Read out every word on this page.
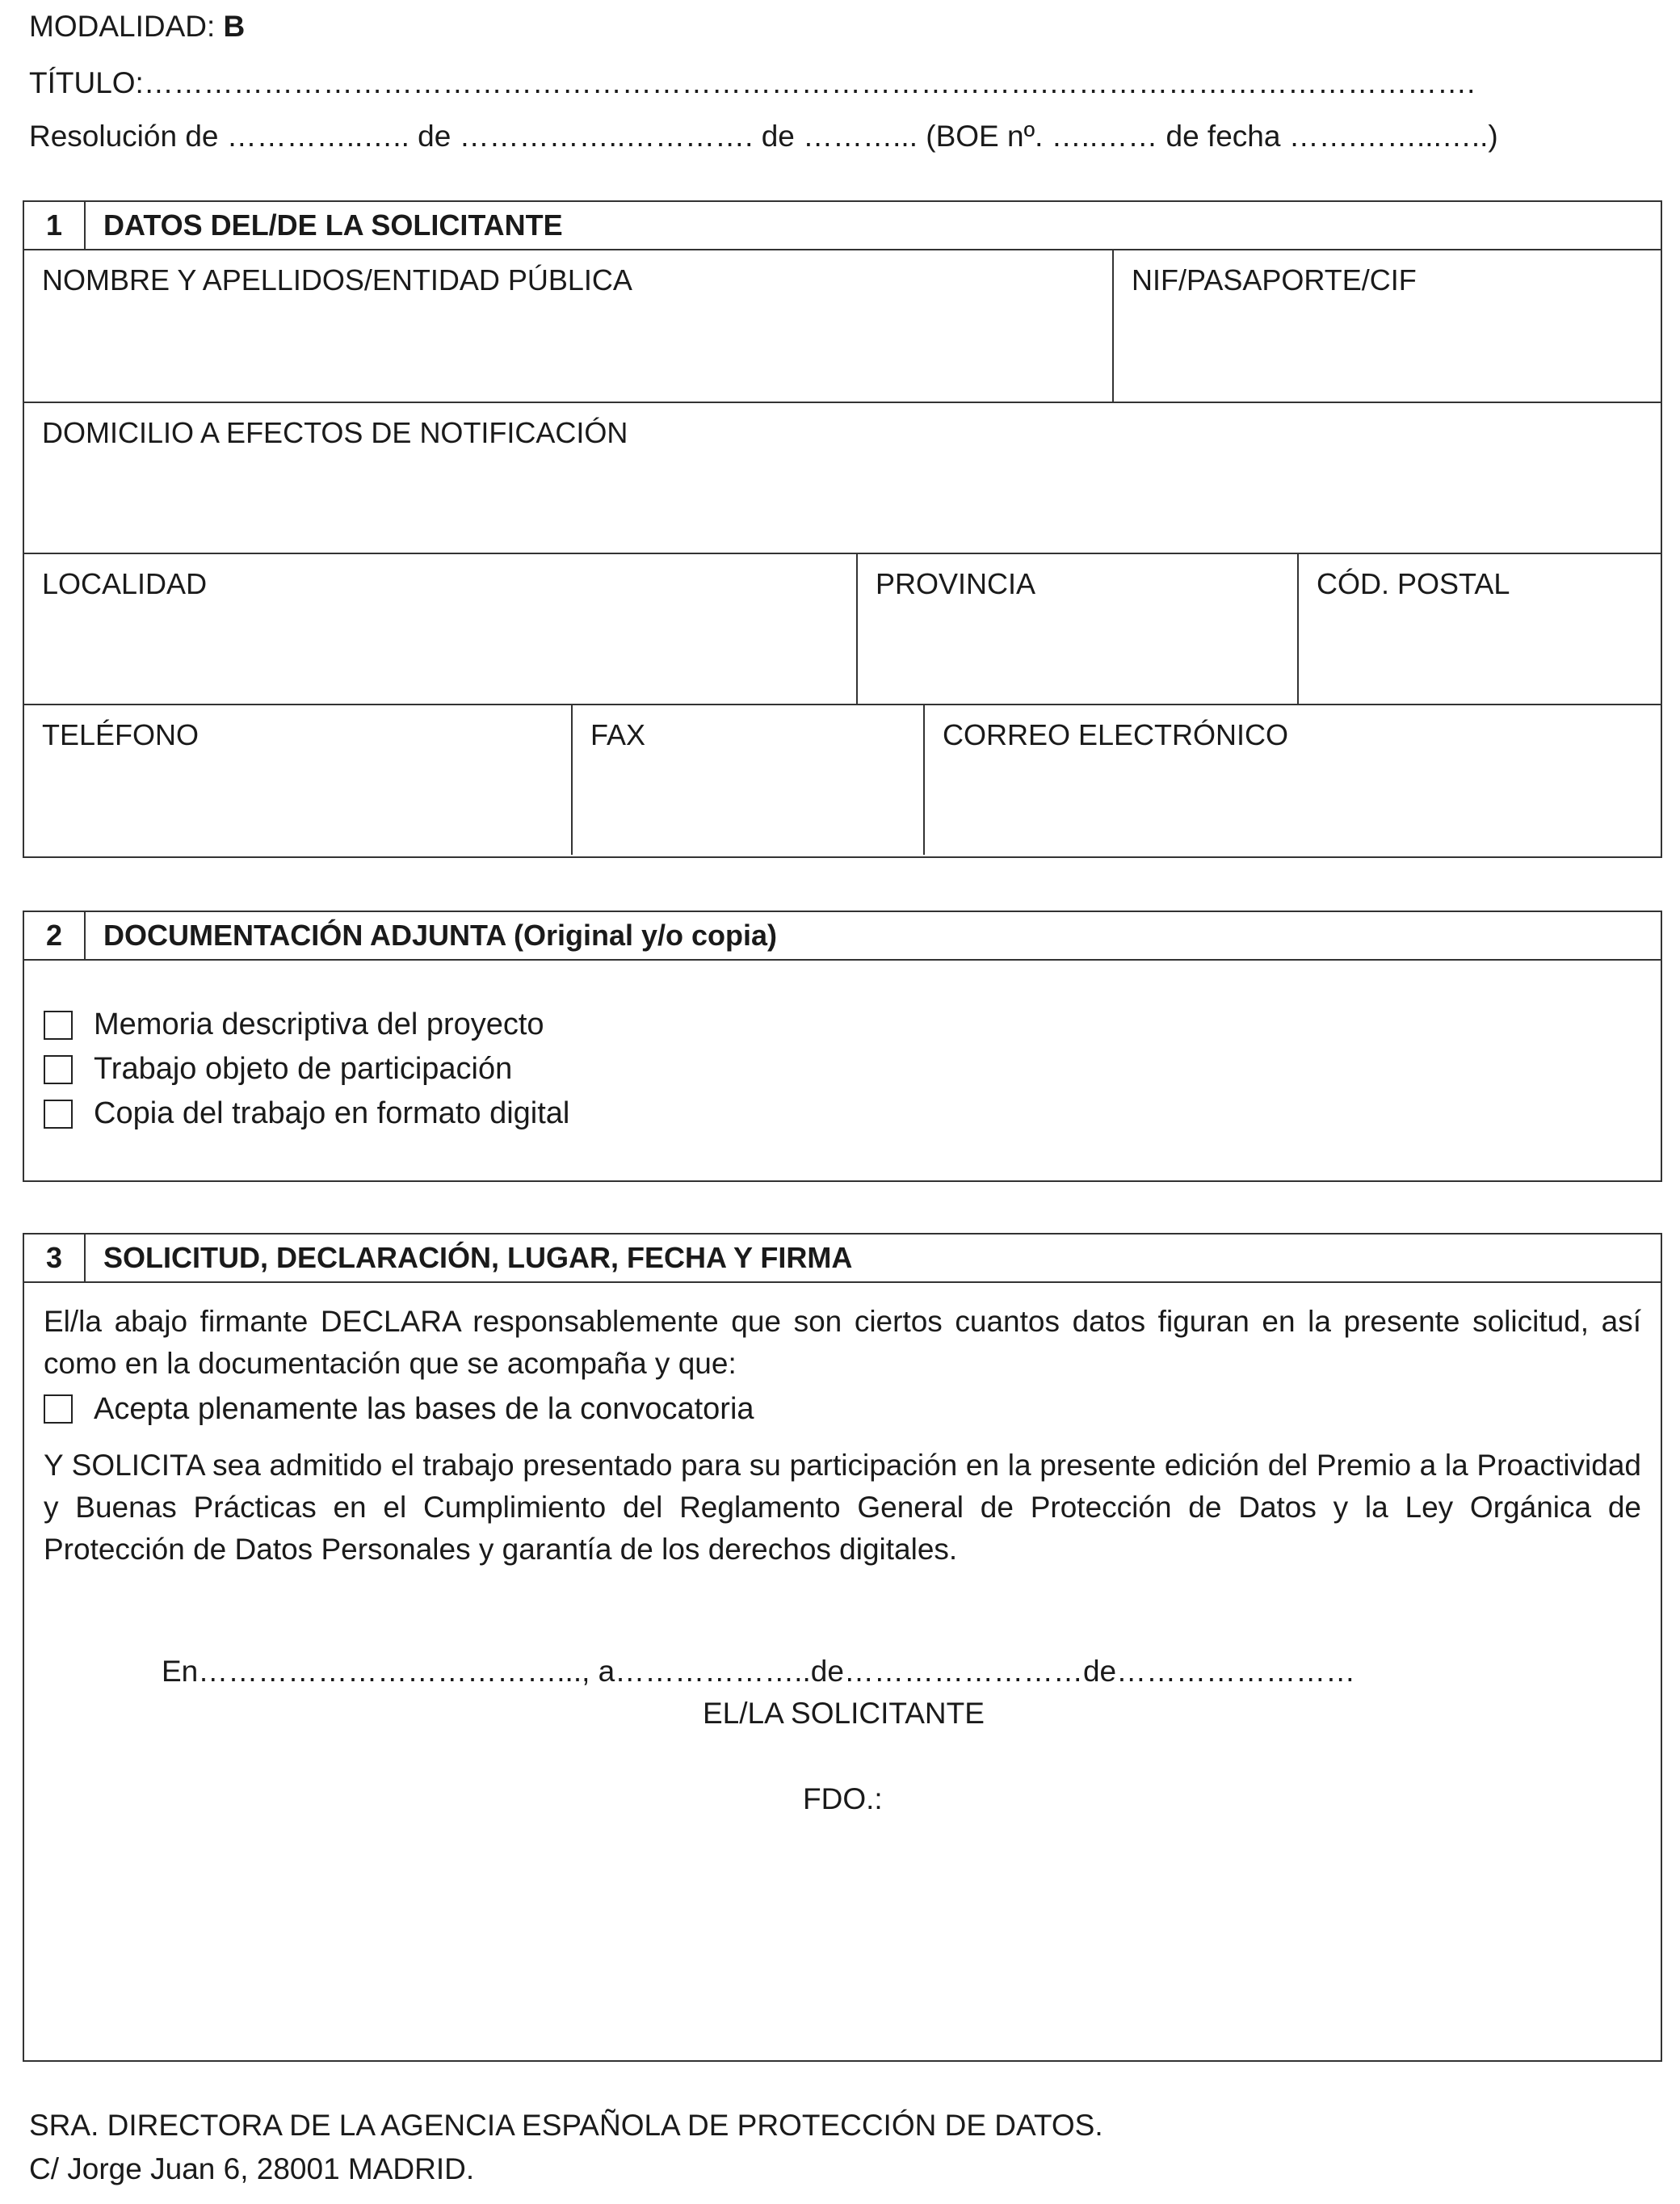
MODALIDAD: B
TÍTULO:……………………………………………………………………………….…………………………………….
Resolución de …………..….. de ……………..…………. de ………... (BOE nº. …..…… de fecha …….……...…..)
1	DATOS DEL/DE LA SOLICITANTE
NOMBRE Y APELLIDOS/ENTIDAD PÚBLICA	NIF/PASAPORTE/CIF
DOMICILIO A EFECTOS DE NOTIFICACIÓN
LOCALIDAD	PROVINCIA	CÓD. POSTAL
TELÉFONO	FAX	CORREO ELECTRÓNICO
2	DOCUMENTACIÓN ADJUNTA (Original y/o copia)
Memoria descriptiva del proyecto
Trabajo objeto de participación
Copia del trabajo en formato digital
3	SOLICITUD, DECLARACIÓN, LUGAR, FECHA Y FIRMA

El/la abajo firmante DECLARA responsablemente que son ciertos cuantos datos figuran en la presente solicitud, así como en la documentación que se acompaña y que:

Acepta plenamente las bases de la convocatoria

Y SOLICITA sea admitido el trabajo presentado para su participación en la presente edición del Premio a la Proactividad y Buenas Prácticas en el Cumplimiento del Reglamento General de Protección de Datos y la Ley Orgánica de Protección de Datos Personales y garantía de los derechos digitales.

En………………………………..., a………………..de……………………de……………………
EL/LA SOLICITANTE
FDO.:
SRA. DIRECTORA DE LA AGENCIA ESPAÑOLA DE PROTECCIÓN DE DATOS.
C/ Jorge Juan 6, 28001 MADRID.
